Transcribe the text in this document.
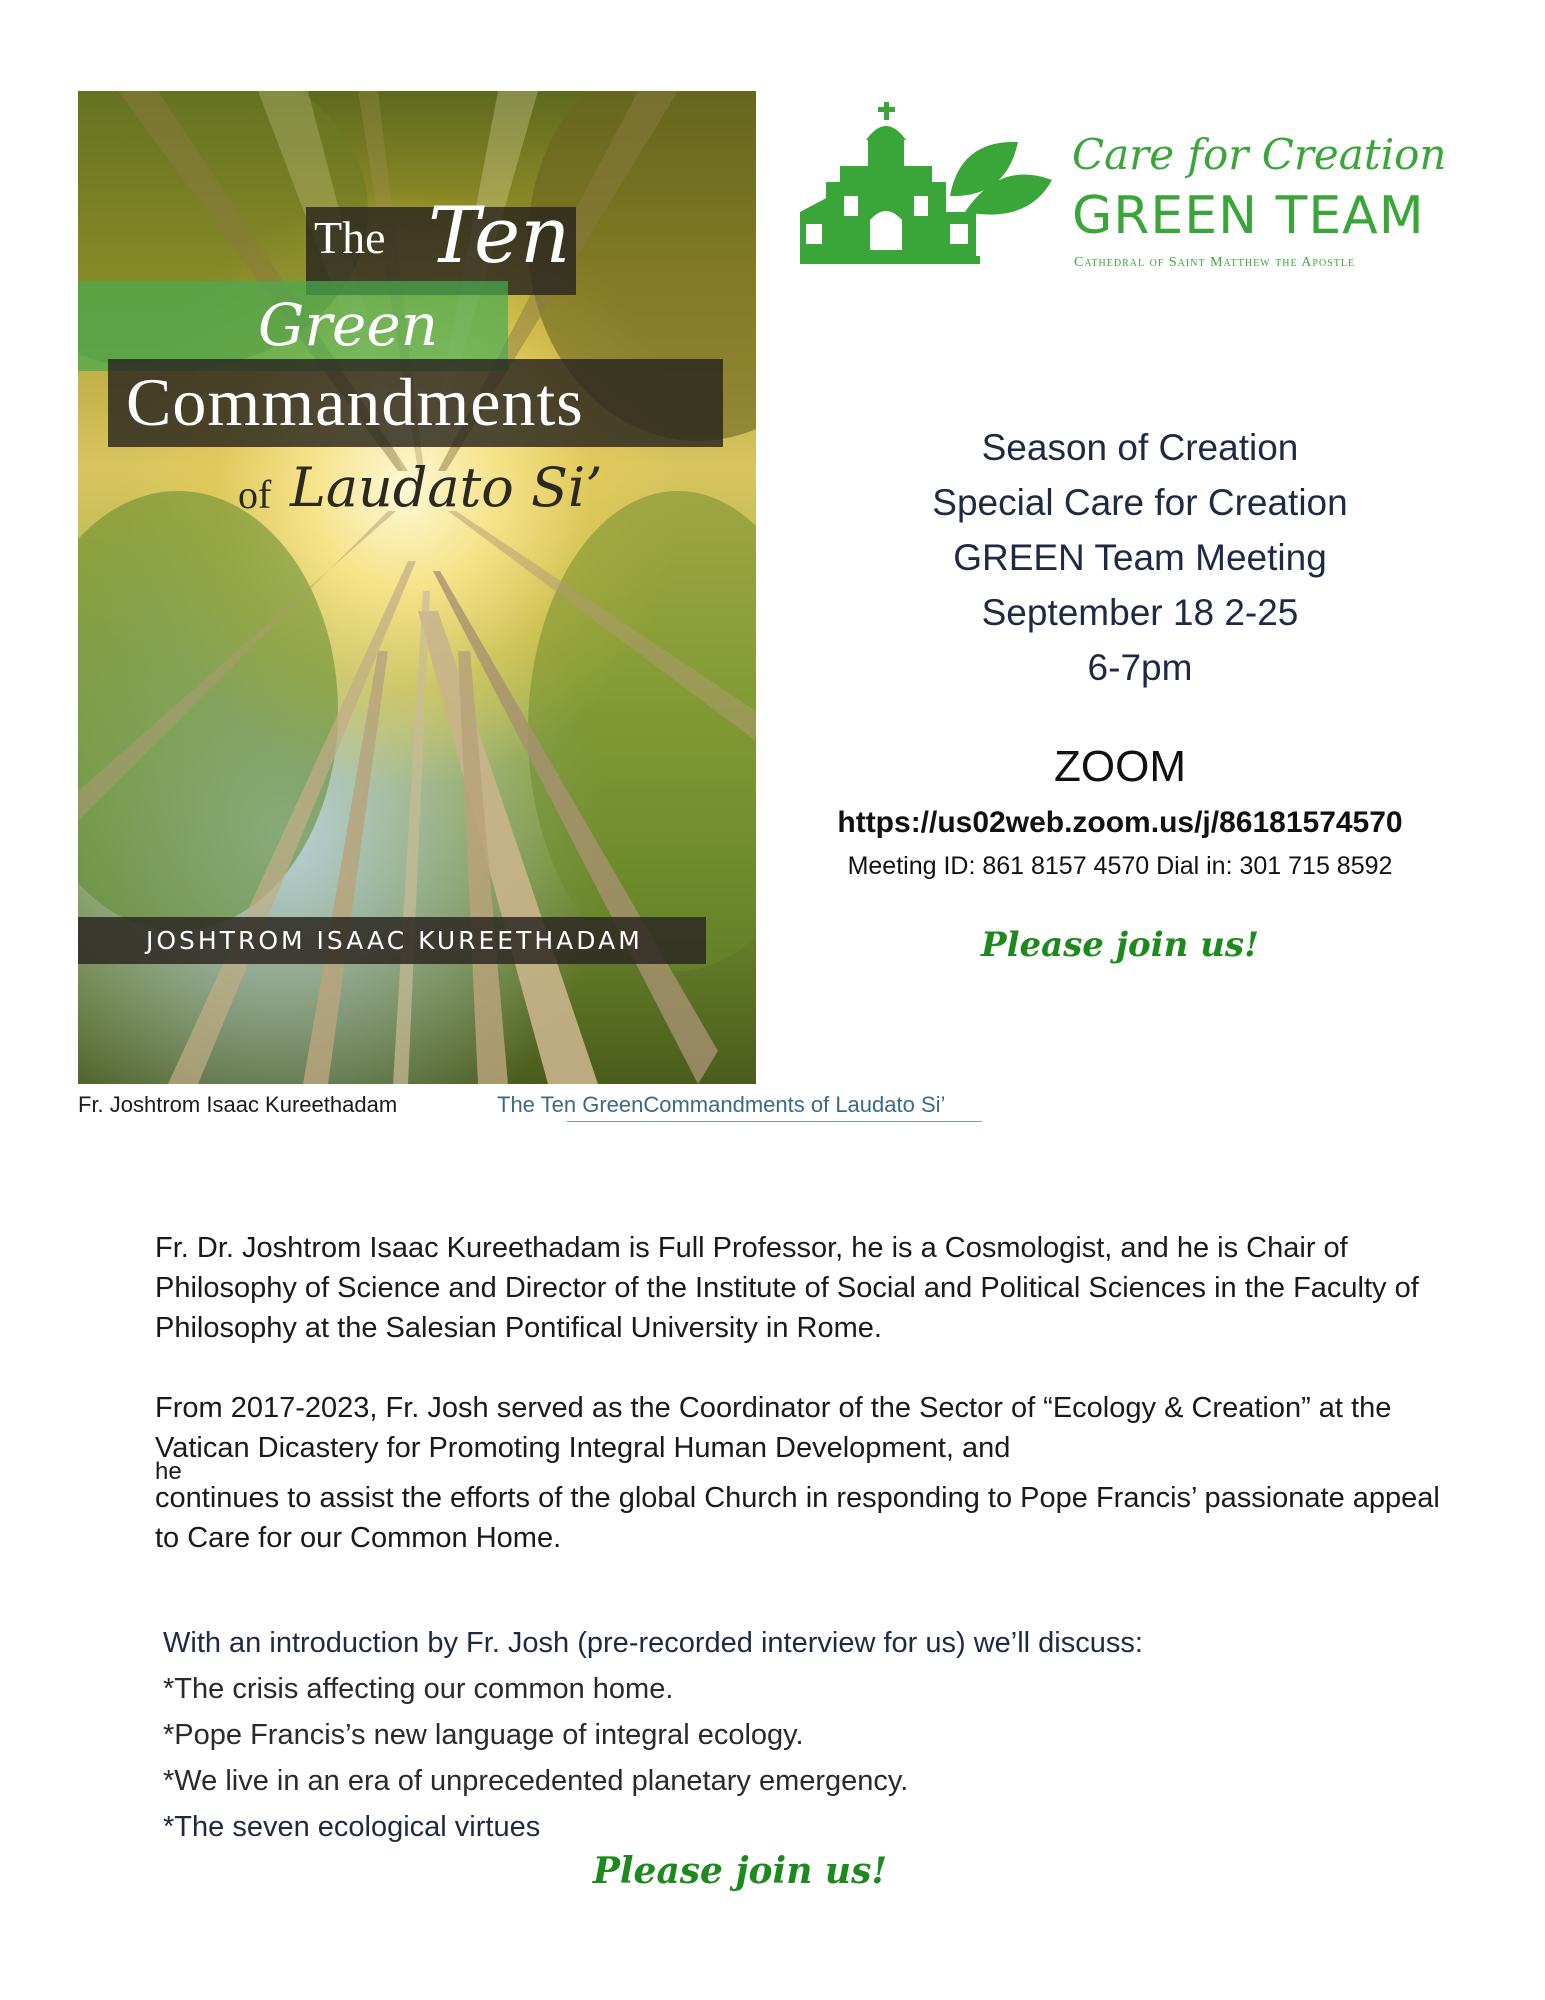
The Ten
Green
Commandments
of Laudato Si’
JOSHTROM ISAAC KUREETHADAM
Fr. Joshtrom Isaac Kureethadam	The Ten GreenCommandments of Laudato Si’
Care for Creation
GREEN TEAM
Cathedral of Saint Matthew the Apostle
Season of Creation
Special Care for Creation
GREEN Team Meeting
September 18 2-25
6-7pm
ZOOM
https://us02web.zoom.us/j/86181574570
Meeting ID: 861 8157 4570 Dial in: 301 715 8592
Please join us!
Fr. Dr. Joshtrom Isaac Kureethadam is Full Professor, he is a Cosmologist, and he is Chair of Philosophy of Science and Director of the Institute of Social and Political Sciences in the Faculty of Philosophy at the Salesian Pontifical University in Rome.
From 2017-2023, Fr. Josh served as the Coordinator of the Sector of “Ecology & Creation” at the Vatican Dicastery for Promoting Integral Human Development, and
he
continues to assist the efforts of the global Church in responding to Pope Francis’ passionate appeal to Care for our Common Home.
With an introduction by Fr. Josh (pre-recorded interview for us) we’ll discuss:
*The crisis affecting our common home.
*Pope Francis’s new language of integral ecology.
*We live in an era of unprecedented planetary emergency.
*The seven ecological virtues
Please join us!
